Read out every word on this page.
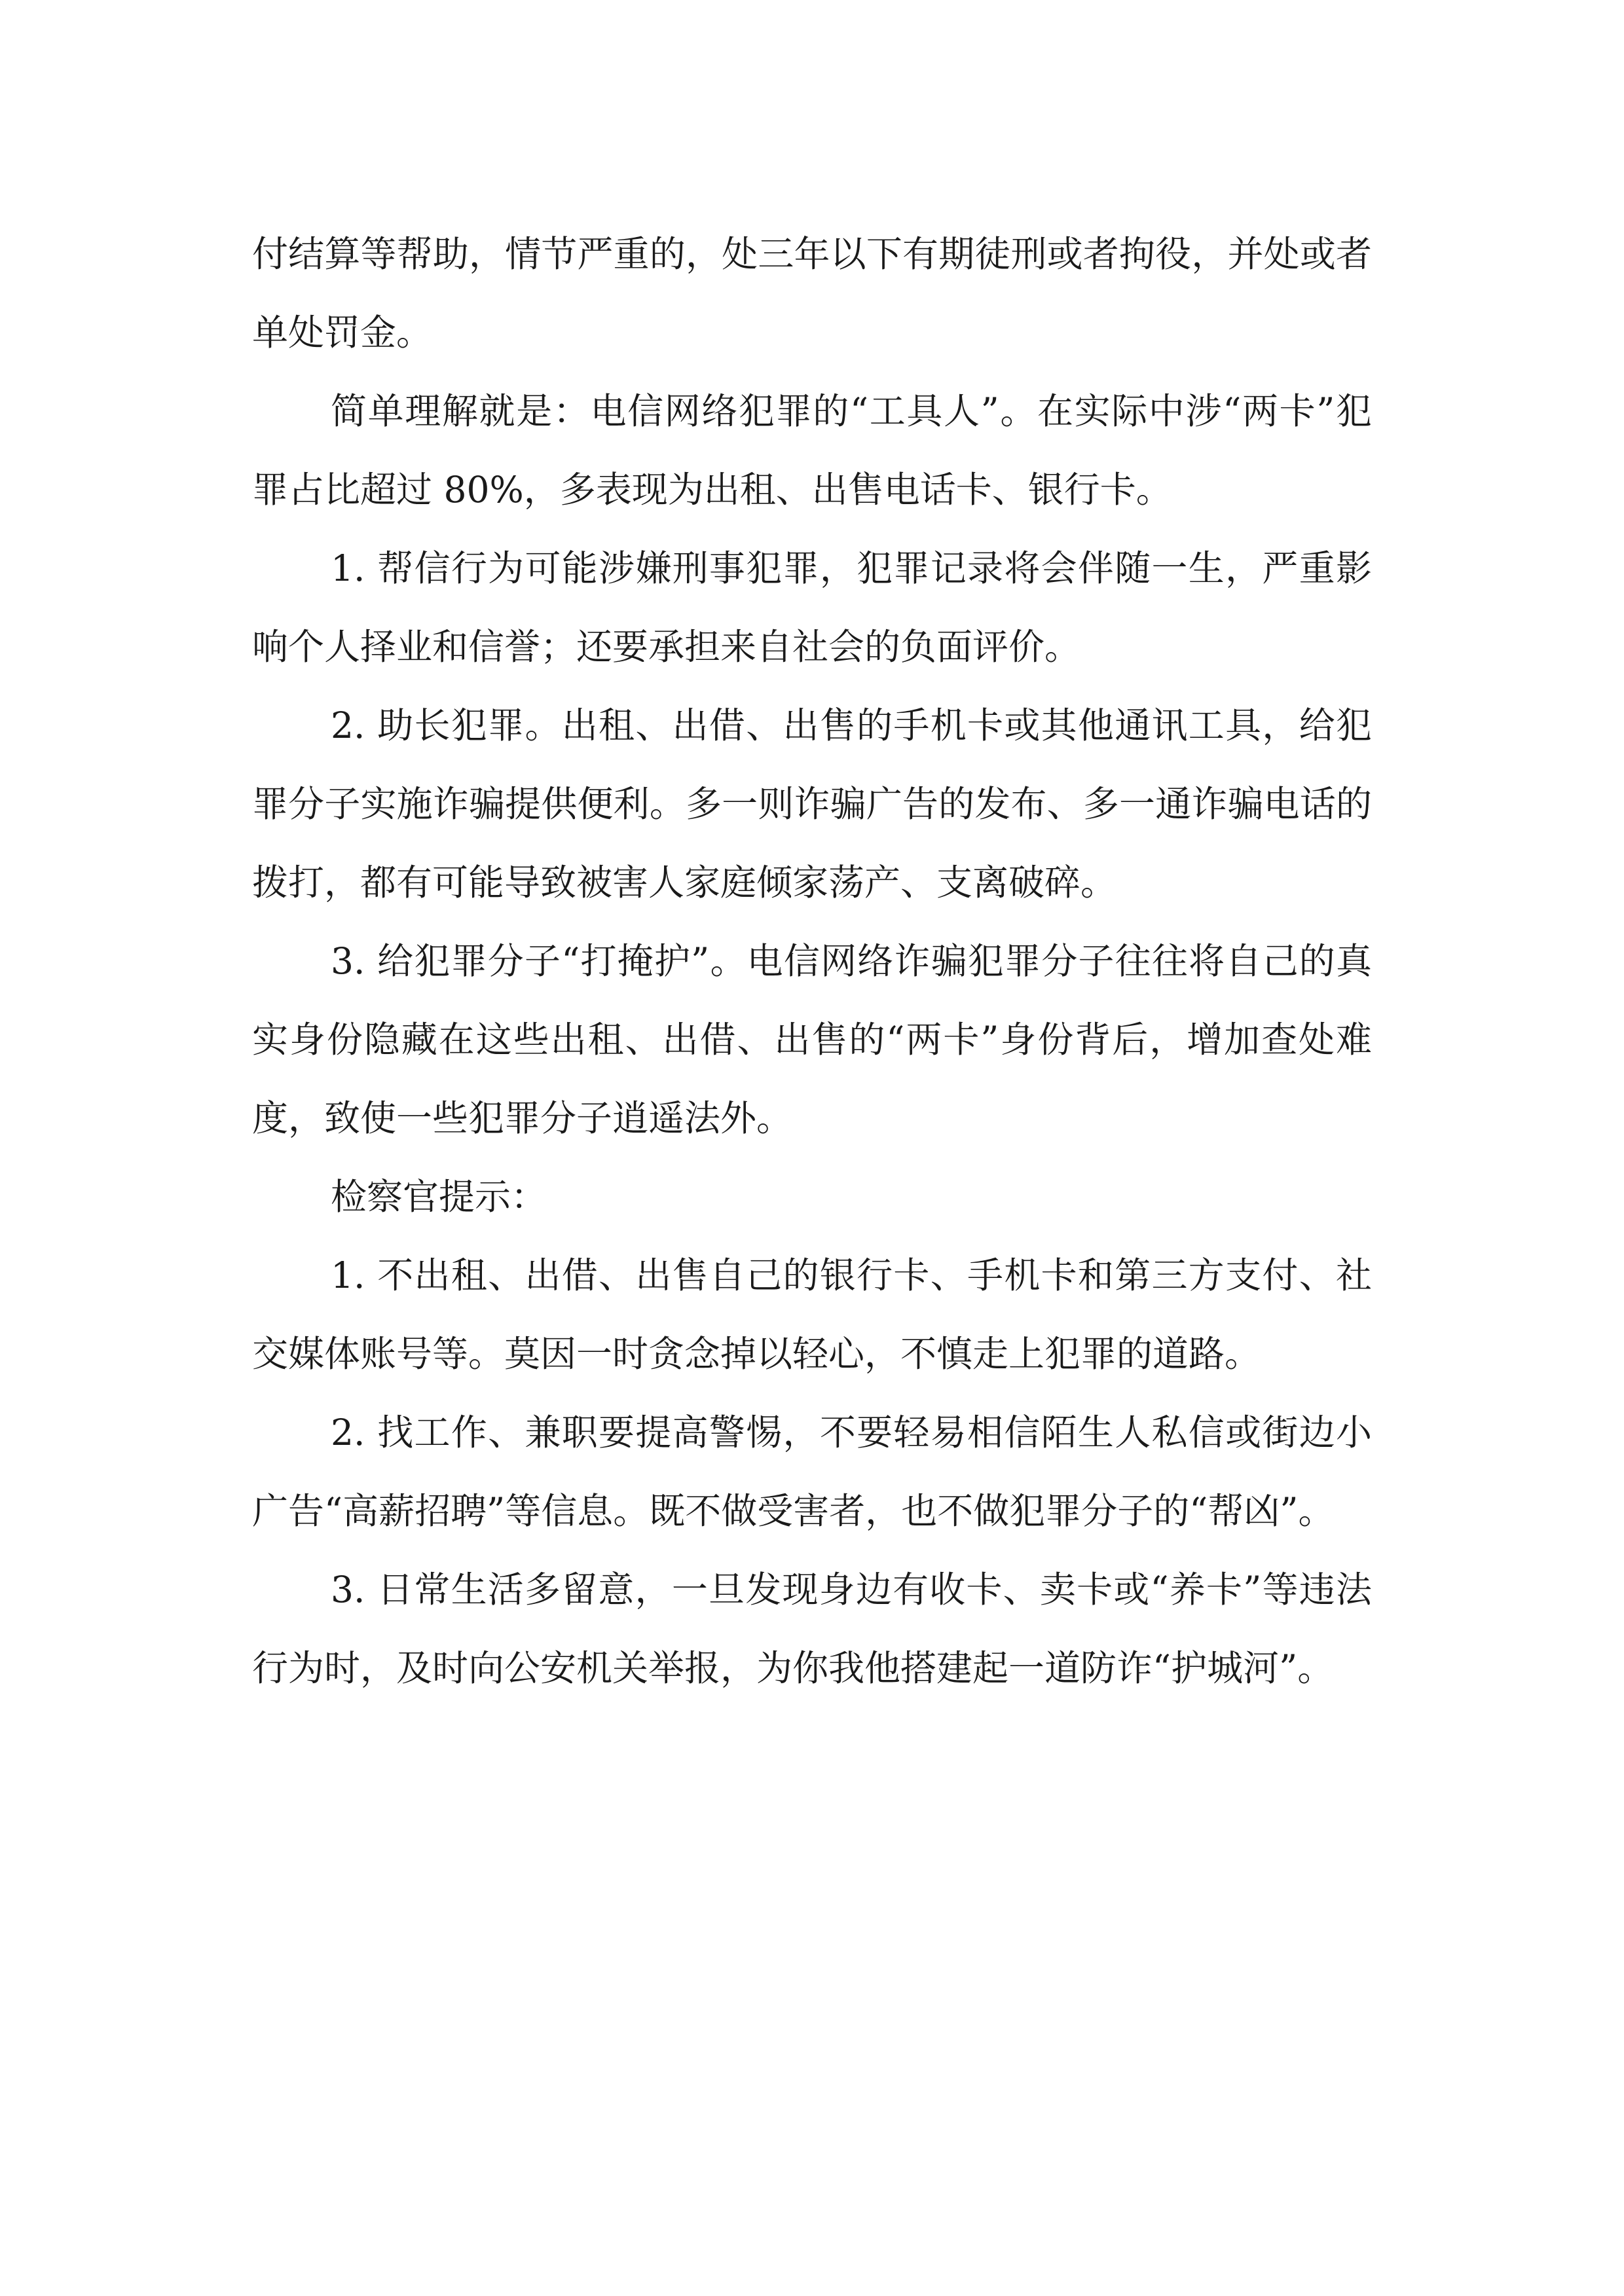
付结算等帮助，情节严重的，处三年以下有期徒刑或者拘役，并处或者单处罚金。

简单理解就是：电信网络犯罪的“工具人”。在实际中涉“两卡”犯罪占比超过 80%，多表现为出租、出售电话卡、银行卡。

1. 帮信行为可能涉嫌刑事犯罪，犯罪记录将会伴随一生，严重影响个人择业和信誉；还要承担来自社会的负面评价。

2. 助长犯罪。出租、出借、出售的手机卡或其他通讯工具，给犯罪分子实施诈骗提供便利。多一则诈骗广告的发布、多一通诈骗电话的拨打，都有可能导致被害人家庭倾家荡产、支离破碎。

3. 给犯罪分子“打掩护”。电信网络诈骗犯罪分子往往将自己的真实身份隐藏在这些出租、出借、出售的“两卡”身份背后，增加查处难度，致使一些犯罪分子逍遥法外。

检察官提示：

1. 不出租、出借、出售自己的银行卡、手机卡和第三方支付、社交媒体账号等。莫因一时贪念掉以轻心，不慎走上犯罪的道路。

2. 找工作、兼职要提高警惕，不要轻易相信陌生人私信或街边小广告“高薪招聘”等信息。既不做受害者，也不做犯罪分子的“帮凶”。

3. 日常生活多留意，一旦发现身边有收卡、卖卡或“养卡”等违法行为时，及时向公安机关举报，为你我他搭建起一道防诈“护城河”。
